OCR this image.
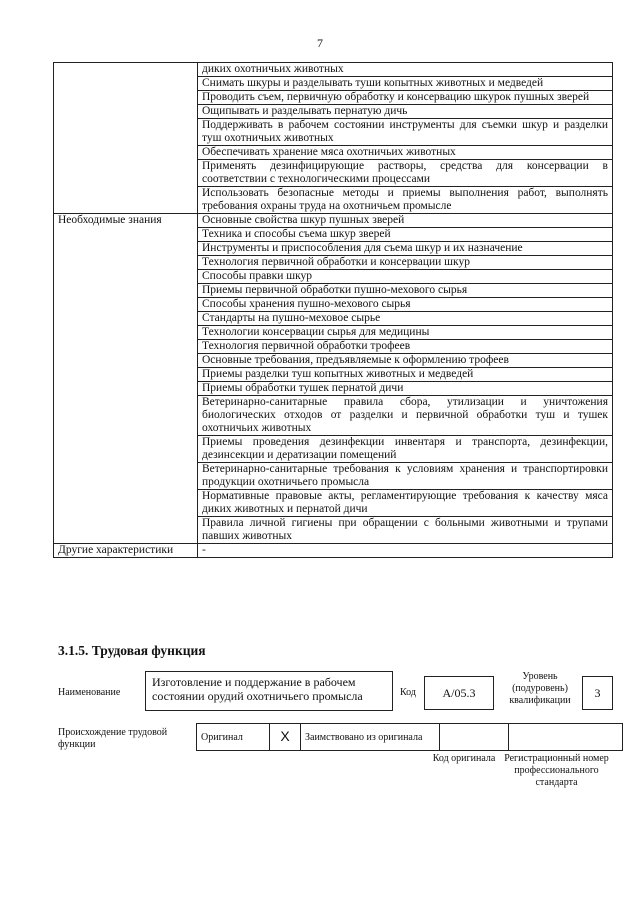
7
	диких охотничьих животных
	Снимать шкуры и разделывать туши копытных животных и медведей
	Проводить съем, первичную обработку и консервацию шкурок пушных зверей
	Ощипывать и разделывать пернатую дичь
	Поддерживать в рабочем состоянии инструменты для съемки шкур и разделки туш охотничьих животных
	Обеспечивать хранение мяса охотничьих животных
	Применять дезинфицирующие растворы, средства для консервации в соответствии с технологическими процессами
	Использовать безопасные методы и приемы выполнения работ, выполнять требования охраны труда на охотничьем промысле
Необходимые знания	Основные свойства шкур пушных зверей
	Техника и способы съема шкур зверей
	Инструменты и приспособления для съема шкур и их назначение
	Технология первичной обработки и консервации шкур
	Способы правки шкур
	Приемы первичной обработки пушно-мехового сырья
	Способы хранения пушно-мехового сырья
	Стандарты на пушно-меховое сырье
	Технологии консервации сырья для медицины
	Технология первичной обработки трофеев
	Основные требования, предъявляемые к оформлению трофеев
	Приемы разделки туш копытных животных и медведей
	Приемы обработки тушек пернатой дичи
	Ветеринарно-санитарные правила сбора, утилизации и уничтожения биологических отходов от разделки и первичной обработки туш и тушек охотничьих животных
	Приемы проведения дезинфекции инвентаря и транспорта, дезинфекции, дезинсекции и дератизации помещений
	Ветеринарно-санитарные требования к условиям хранения и транспортировки продукции охотничьего промысла
	Нормативные правовые акты, регламентирующие требования к качеству мяса диких животных и пернатой дичи
	Правила личной гигиены при обращении с больными животными и трупами павших животных
Другие характеристики	-
3.1.5. Трудовая функция
Наименование
Изготовление и поддержание в рабочем состоянии орудий охотничьего промысла	Код	А/05.3
Уровень (подуровень) квалификации
3
Происхождение трудовой функции
Оригинал	Х	Заимствовано из оригинала		
Код оригинала Регистрационный номер профессионального стандарта
